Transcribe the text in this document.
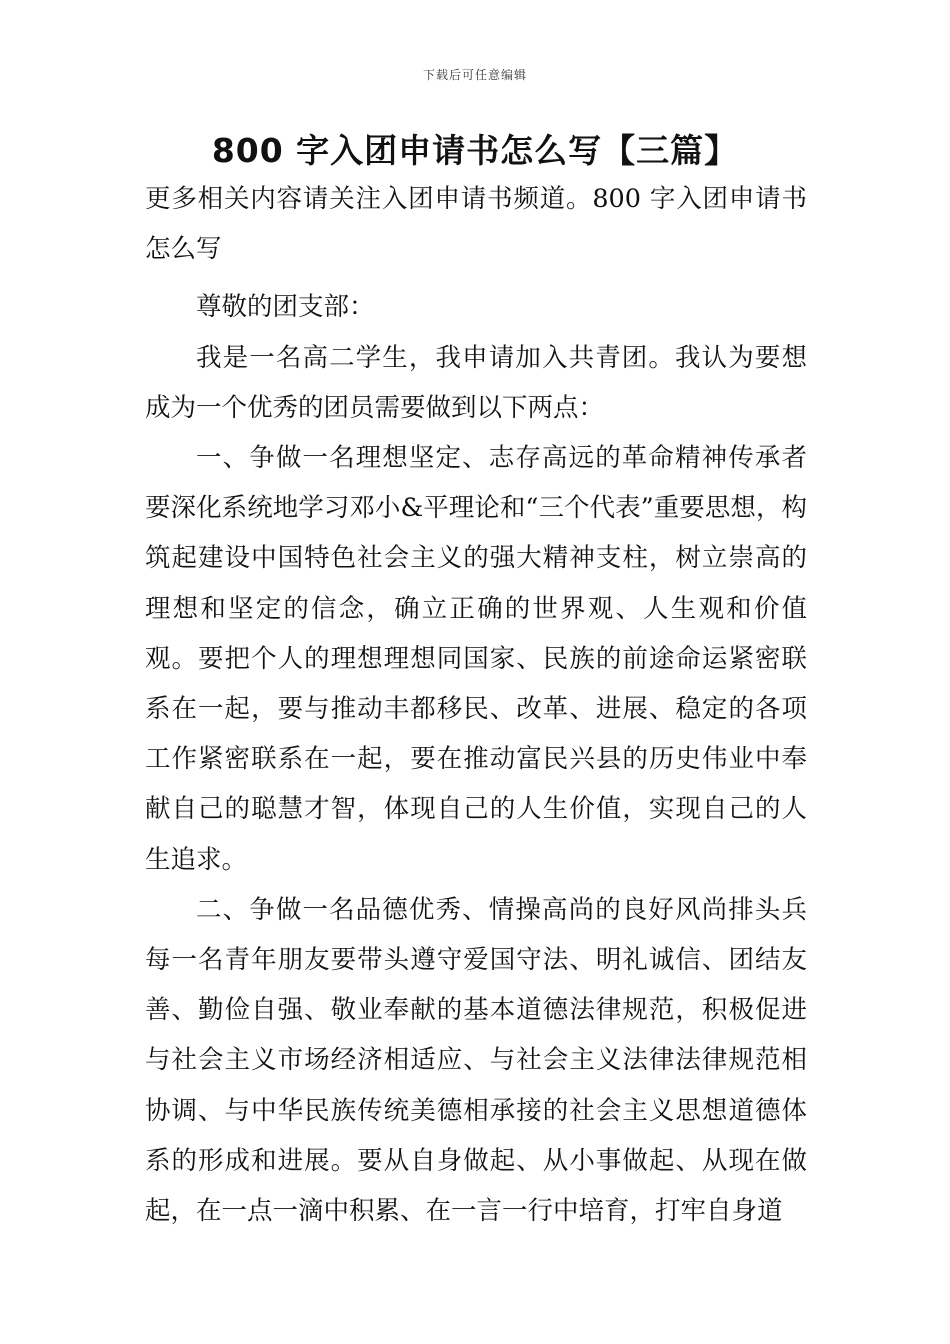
下载后可任意编辑
800 字入团申请书怎么写【三篇】

更多相关内容请关注入团申请书频道。800 字入团申请书怎么写

尊敬的团支部：

我是一名高二学生，我申请加入共青团。我认为要想成为一个优秀的团员需要做到以下两点：

一、争做一名理想坚定、志存高远的革命精神传承者要深化系统地学习邓小&平理论和“三个代表”重要思想，构筑起建设中国特色社会主义的强大精神支柱，树立崇高的理想和坚定的信念，确立正确的世界观、人生观和价值观。要把个人的理想理想同国家、民族的前途命运紧密联系在一起，要与推动丰都移民、改革、进展、稳定的各项工作紧密联系在一起，要在推动富民兴县的历史伟业中奉献自己的聪慧才智，体现自己的人生价值，实现自己的人生追求。

二、争做一名品德优秀、情操高尚的良好风尚排头兵每一名青年朋友要带头遵守爱国守法、明礼诚信、团结友善、勤俭自强、敬业奉献的基本道德法律规范，积极促进与社会主义市场经济相适应、与社会主义法律法律规范相协调、与中华民族传统美德相承接的社会主义思想道德体系的形成和进展。要从自身做起、从小事做起、从现在做起，在一点一滴中积累、在一言一行中培育，打牢自身道
